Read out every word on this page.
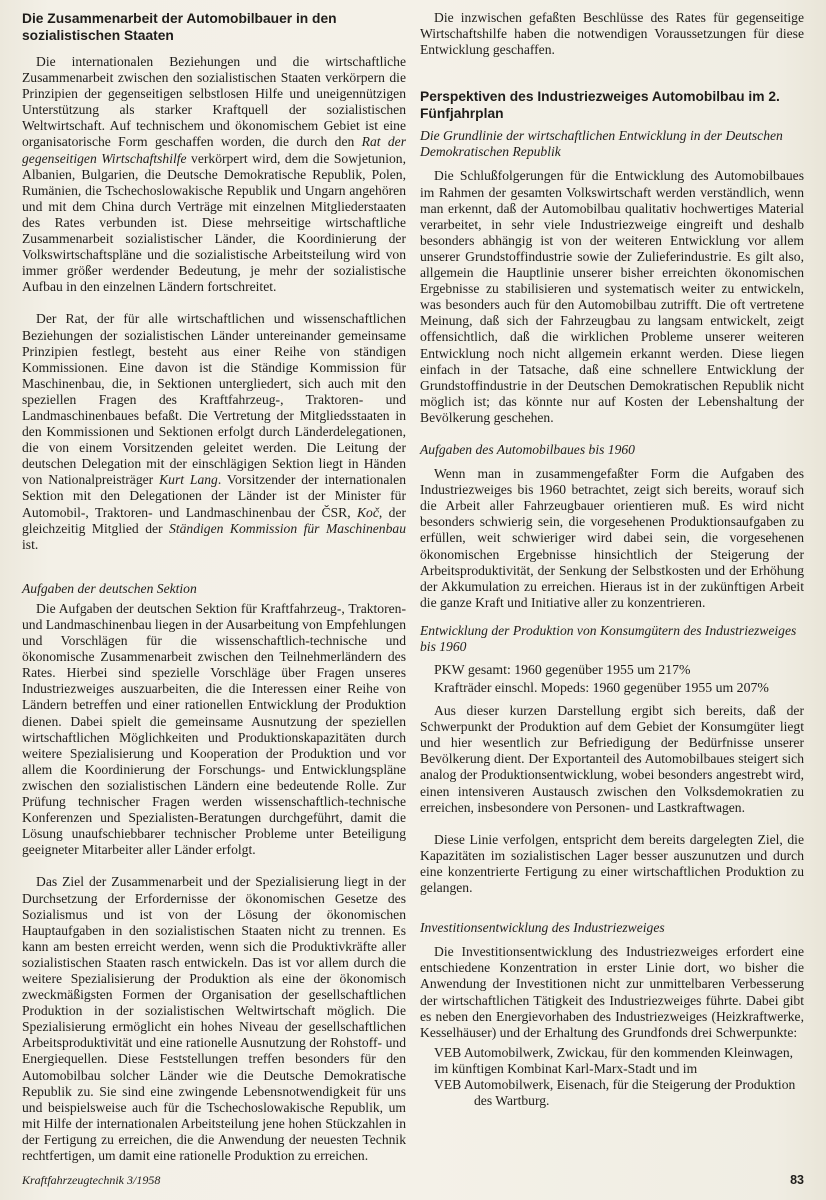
Die Zusammenarbeit der Automobilbauer in den sozialistischen Staaten

Die internationalen Beziehungen und die wirtschaftliche Zusammenarbeit zwischen den sozialistischen Staaten verkörpern die Prinzipien der gegenseitigen selbstlosen Hilfe und uneigennützigen Unterstützung als starker Kraftquell der sozialistischen Weltwirtschaft. Auf technischem und ökonomischem Gebiet ist eine organisatorische Form geschaffen worden, die durch den Rat der gegenseitigen Wirtschaftshilfe verkörpert wird, dem die Sowjetunion, Albanien, Bulgarien, die Deutsche Demokratische Republik, Polen, Rumänien, die Tschechoslowakische Republik und Ungarn angehören und mit dem China durch Verträge mit einzelnen Mitgliederstaaten des Rates verbunden ist. Diese mehrseitige wirtschaftliche Zusammenarbeit sozialistischer Länder, die Koordinierung der Volkswirtschaftspläne und die sozialistische Arbeitsteilung wird von immer größer werdender Bedeutung, je mehr der sozialistische Aufbau in den einzelnen Ländern fortschreitet.

Der Rat, der für alle wirtschaftlichen und wissenschaftlichen Beziehungen der sozialistischen Länder untereinander gemeinsame Prinzipien festlegt, besteht aus einer Reihe von ständigen Kommissionen. Eine davon ist die Ständige Kommission für Maschinenbau, die, in Sektionen untergliedert, sich auch mit den speziellen Fragen des Kraftfahrzeug-, Traktoren- und Landmaschinenbaues befaßt. Die Vertretung der Mitgliedsstaaten in den Kommissionen und Sektionen erfolgt durch Länderdelegationen, die von einem Vorsitzenden geleitet werden. Die Leitung der deutschen Delegation mit der einschlägigen Sektion liegt in Händen von Nationalpreisträger Kurt Lang. Vorsitzender der internationalen Sektion mit den Delegationen der Länder ist der Minister für Automobil-, Traktoren- und Landmaschinenbau der ČSR, Koč, der gleichzeitig Mitglied der Ständigen Kommission für Maschinenbau ist.

Aufgaben der deutschen Sektion

Die Aufgaben der deutschen Sektion für Kraftfahrzeug-, Traktoren- und Landmaschinenbau liegen in der Ausarbeitung von Empfehlungen und Vorschlägen für die wissenschaftlich-technische und ökonomische Zusammenarbeit zwischen den Teilnehmerländern des Rates. Hierbei sind spezielle Vorschläge über Fragen unseres Industriezweiges auszuarbeiten, die die Interessen einer Reihe von Ländern betreffen und einer rationellen Entwicklung der Produktion dienen. Dabei spielt die gemeinsame Ausnutzung der speziellen wirtschaftlichen Möglichkeiten und Produktionskapazitäten durch weitere Spezialisierung und Kooperation der Produktion und vor allem die Koordinierung der Forschungs- und Entwicklungspläne zwischen den sozialistischen Ländern eine bedeutende Rolle. Zur Prüfung technischer Fragen werden wissenschaftlich-technische Konferenzen und Spezialisten-Beratungen durchgeführt, damit die Lösung unaufschiebbarer technischer Probleme unter Beteiligung geeigneter Mitarbeiter aller Länder erfolgt.

Das Ziel der Zusammenarbeit und der Spezialisierung liegt in der Durchsetzung der Erfordernisse der ökonomischen Gesetze des Sozialismus und ist von der Lösung der ökonomischen Hauptaufgaben in den sozialistischen Staaten nicht zu trennen. Es kann am besten erreicht werden, wenn sich die Produktivkräfte aller sozialistischen Staaten rasch entwickeln. Das ist vor allem durch die weitere Spezialisierung der Produktion als eine der ökonomisch zweckmäßigsten Formen der Organisation der gesellschaftlichen Produktion in der sozialistischen Weltwirtschaft möglich. Die Spezialisierung ermöglicht ein hohes Niveau der gesellschaftlichen Arbeitsproduktivität und eine rationelle Ausnutzung der Rohstoff- und Energiequellen. Diese Feststellungen treffen besonders für den Automobilbau solcher Länder wie die Deutsche Demokratische Republik zu. Sie sind eine zwingende Lebensnotwendigkeit für uns und beispielsweise auch für die Tschechoslowakische Republik, um mit Hilfe der internationalen Arbeitsteilung jene hohen Stückzahlen in der Fertigung zu erreichen, die die Anwendung der neuesten Technik rechtfertigen, um damit eine rationelle Produktion zu erreichen.

Die inzwischen gefaßten Beschlüsse des Rates für gegenseitige Wirtschaftshilfe haben die notwendigen Voraussetzungen für diese Entwicklung geschaffen.

Perspektiven des Industriezweiges Automobilbau im 2. Fünfjahrplan
Die Grundlinie der wirtschaftlichen Entwicklung in der Deutschen Demokratischen Republik

Die Schlußfolgerungen für die Entwicklung des Automobilbaues im Rahmen der gesamten Volkswirtschaft werden verständlich, wenn man erkennt, daß der Automobilbau qualitativ hochwertiges Material verarbeitet, in sehr viele Industriezweige eingreift und deshalb besonders abhängig ist von der weiteren Entwicklung vor allem unserer Grundstoffindustrie sowie der Zulieferindustrie. Es gilt also, allgemein die Hauptlinie unserer bisher erreichten ökonomischen Ergebnisse zu stabilisieren und systematisch weiter zu entwickeln, was besonders auch für den Automobilbau zutrifft. Die oft vertretene Meinung, daß sich der Fahrzeugbau zu langsam entwickelt, zeigt offensichtlich, daß die wirklichen Probleme unserer weiteren Entwicklung noch nicht allgemein erkannt werden. Diese liegen einfach in der Tatsache, daß eine schnellere Entwicklung der Grundstoffindustrie in der Deutschen Demokratischen Republik nicht möglich ist; das könnte nur auf Kosten der Lebenshaltung der Bevölkerung geschehen.

Aufgaben des Automobilbaues bis 1960

Wenn man in zusammengefaßter Form die Aufgaben des Industriezweiges bis 1960 betrachtet, zeigt sich bereits, worauf sich die Arbeit aller Fahrzeugbauer orientieren muß. Es wird nicht besonders schwierig sein, die vorgesehenen Produktionsaufgaben zu erfüllen, weit schwieriger wird dabei sein, die vorgesehenen ökonomischen Ergebnisse hinsichtlich der Steigerung der Arbeitsproduktivität, der Senkung der Selbstkosten und der Erhöhung der Akkumulation zu erreichen. Hieraus ist in der zukünftigen Arbeit die ganze Kraft und Initiative aller zu konzentrieren.

Entwicklung der Produktion von Konsumgütern des Industriezweiges bis 1960
PKW gesamt: 1960 gegenüber 1955 um 217%
Krafträder einschl. Mopeds: 1960 gegenüber 1955 um 207%

Aus dieser kurzen Darstellung ergibt sich bereits, daß der Schwerpunkt der Produktion auf dem Gebiet der Konsumgüter liegt und hier wesentlich zur Befriedigung der Bedürfnisse unserer Bevölkerung dient. Der Exportanteil des Automobilbaues steigert sich analog der Produktionsentwicklung, wobei besonders angestrebt wird, einen intensiveren Austausch zwischen den Volksdemokratien zu erreichen, insbesondere von Personen- und Lastkraftwagen.

Diese Linie verfolgen, entspricht dem bereits dargelegten Ziel, die Kapazitäten im sozialistischen Lager besser auszunutzen und durch eine konzentrierte Fertigung zu einer wirtschaftlichen Produktion zu gelangen.

Investitionsentwicklung des Industriezweiges

Die Investitionsentwicklung des Industriezweiges erfordert eine entschiedene Konzentration in erster Linie dort, wo bisher die Anwendung der Investitionen nicht zur unmittelbaren Verbesserung der wirtschaftlichen Tätigkeit des Industriezweiges führte. Dabei gibt es neben den Energievorhaben des Industriezweiges (Heizkraftwerke, Kesselhäuser) und der Erhaltung des Grundfonds drei Schwerpunkte:

VEB Automobilwerk, Zwickau, für den kommenden Kleinwagen,
im künftigen Kombinat Karl-Marx-Stadt und im
VEB Automobilwerk, Eisenach, für die Steigerung der Produktion des Wartburg.
Kraftfahrzeugtechnik 3/1958	83
